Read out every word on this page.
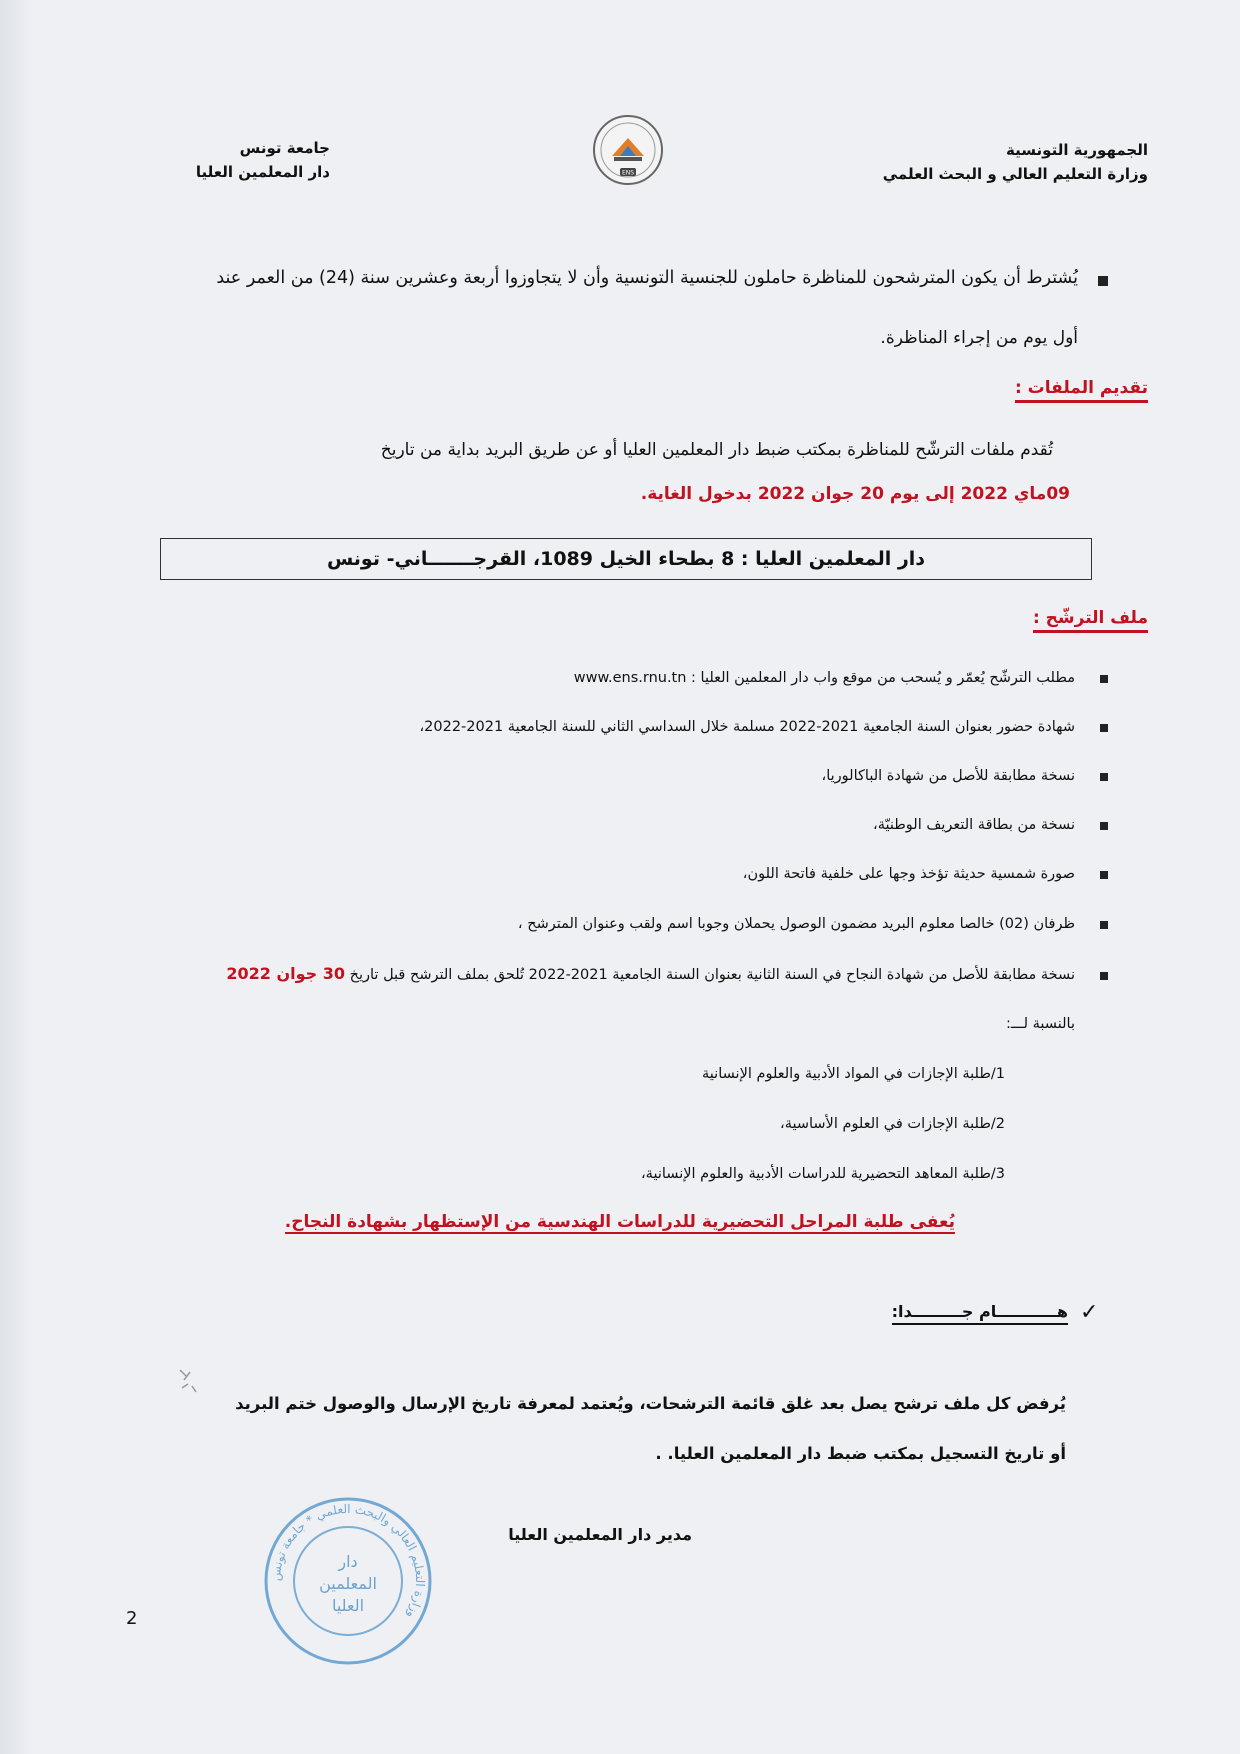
الجمهورية التونسية
وزارة التعليم العالي و البحث العلمي
ENS
جامعة تونس
دار المعلمين العليا
يُشترط أن يكون المترشحون للمناظرة حاملون للجنسية التونسية وأن لا يتجاوزوا أربعة وعشرين سنة (24) من العمر عند
أول يوم من إجراء المناظرة.
تقديم الملفات :
تُقدم ملفات الترشّح للمناظرة بمكتب ضبط دار المعلمين العليا أو عن طريق البريد بداية من تاريخ
09ماي 2022 إلى يوم 20 جوان 2022 بدخول الغاية.
دار المعلمين العليا : 8 بطحاء الخيل 1089، القرجـــــــاني- تونس
ملف الترشّح :
مطلب الترشّح يُعمّر و يُسحب من موقع واب دار المعلمين العليا : www.ens.rnu.tn
شهادة حضور بعنوان السنة الجامعية 2021-2022 مسلمة خلال السداسي الثاني للسنة الجامعية 2021-2022،
نسخة مطابقة للأصل من شهادة الباكالوريا،
نسخة من بطاقة التعريف الوطنيّة،
صورة شمسية حديثة تؤخذ وجها على خلفية فاتحة اللون،
ظرفان (02) خالصا معلوم البريد مضمون الوصول يحملان وجوبا اسم ولقب وعنوان المترشح ،
نسخة مطابقة للأصل من شهادة النجاح في السنة الثانية بعنوان السنة الجامعية 2021-2022 تُلحق بملف الترشح قبل تاريخ 30 جوان 2022
بالنسبة لـــ:
1/طلبة الإجازات في المواد الأدبية والعلوم الإنسانية
2/طلبة الإجازات في العلوم الأساسية،
3/طلبة المعاهد التحضيرية للدراسات الأدبية والعلوم الإنسانية،
يُعفى طلبة المراحل التحضيرية للدراسات الهندسية من الإستظهار بشهادة النجاح.
✓
هـــــــــــام جـــــــــدا:
يُرفض كل ملف ترشح يصل بعد غلق قائمة الترشحات، ويُعتمد لمعرفة تاريخ الإرسال والوصول ختم البريد
أو تاريخ التسجيل بمكتب ضبط دار المعلمين العليا. .
مدير دار المعلمين العليا
وزارة التعليم العالي والبحث العلمي * جامعة تونس
دار
المعلمين
العليا
2
